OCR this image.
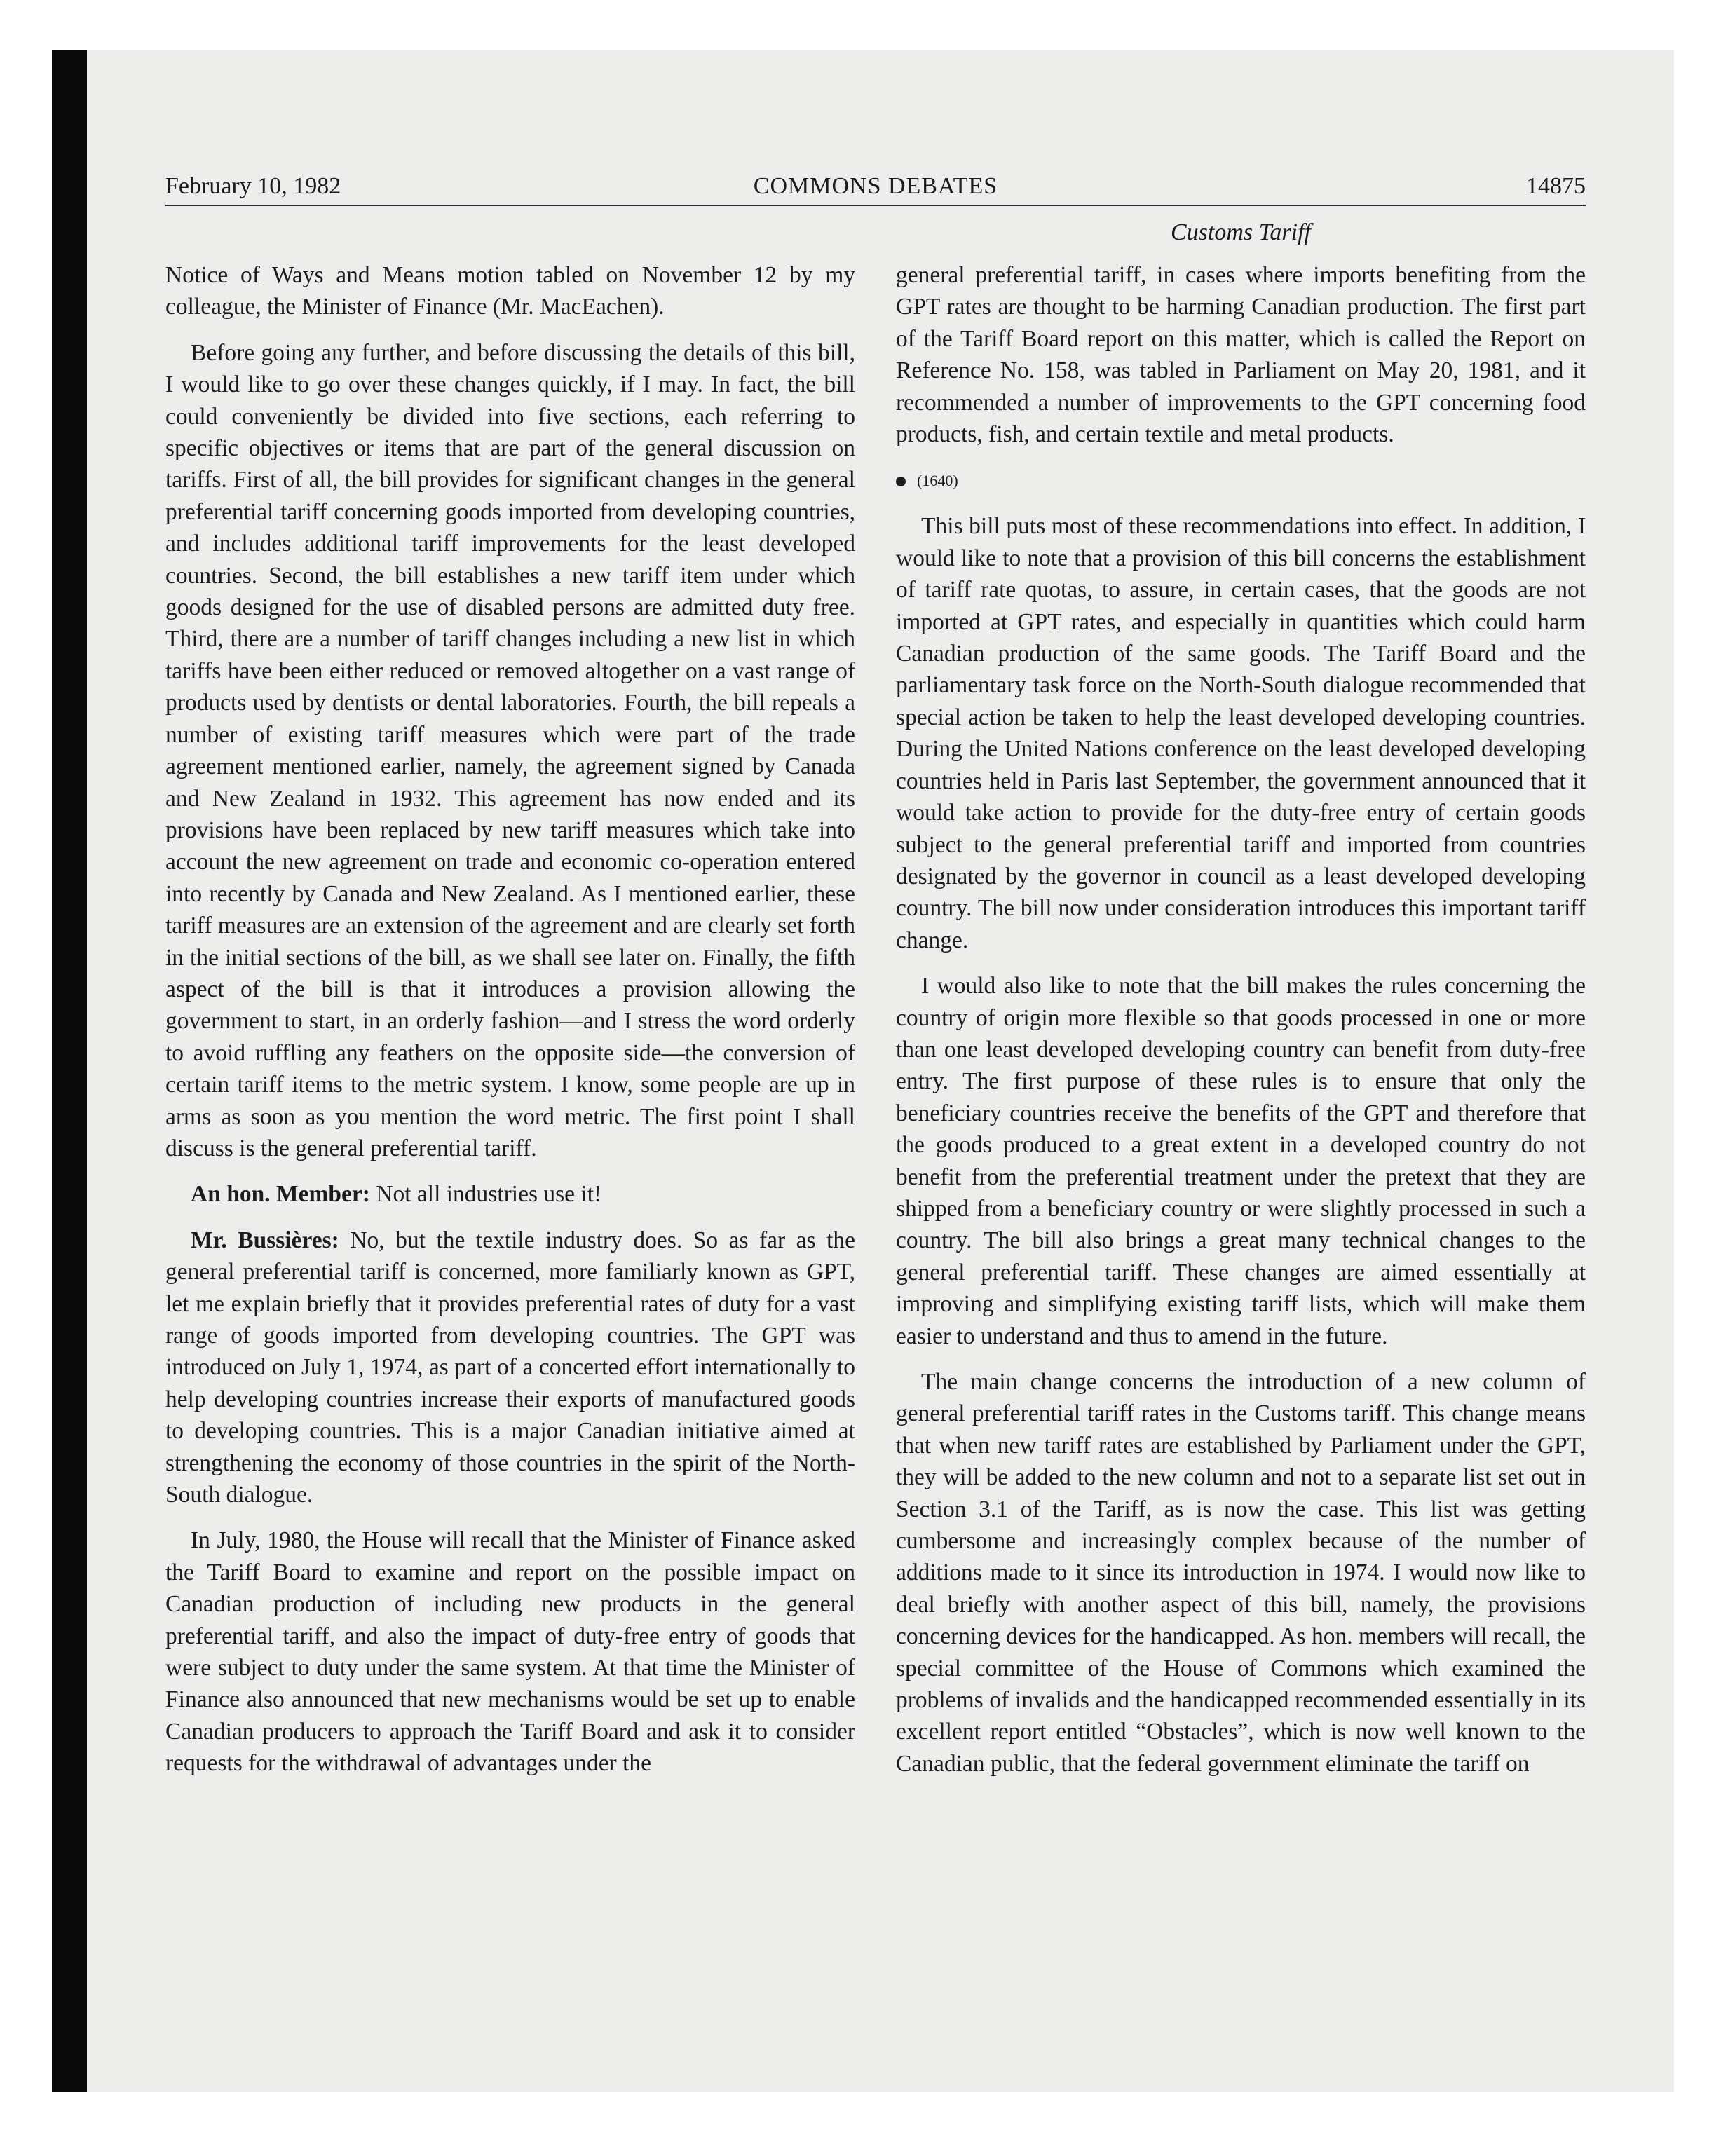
February 10, 1982	COMMONS DEBATES	14875
Customs Tariff

Notice of Ways and Means motion tabled on November 12 by my colleague, the Minister of Finance (Mr. MacEachen).

Before going any further, and before discussing the details of this bill, I would like to go over these changes quickly, if I may. In fact, the bill could conveniently be divided into five sections, each referring to specific objectives or items that are part of the general discussion on tariffs. First of all, the bill provides for significant changes in the general preferential tariff concerning goods imported from developing countries, and includes additional tariff improvements for the least developed countries. Second, the bill establishes a new tariff item under which goods designed for the use of disabled persons are admitted duty free. Third, there are a number of tariff changes including a new list in which tariffs have been either reduced or removed altogether on a vast range of products used by dentists or dental laboratories. Fourth, the bill repeals a number of existing tariff measures which were part of the trade agreement mentioned earlier, namely, the agreement signed by Canada and New Zealand in 1932. This agreement has now ended and its provisions have been replaced by new tariff measures which take into account the new agreement on trade and economic co-operation entered into recently by Canada and New Zealand. As I mentioned earlier, these tariff measures are an extension of the agreement and are clearly set forth in the initial sections of the bill, as we shall see later on. Finally, the fifth aspect of the bill is that it introduces a provision allowing the government to start, in an orderly fashion—and I stress the word orderly to avoid ruffling any feathers on the opposite side—the conversion of certain tariff items to the metric system. I know, some people are up in arms as soon as you mention the word metric. The first point I shall discuss is the general preferential tariff.

An hon. Member: Not all industries use it!

Mr. Bussières: No, but the textile industry does. So as far as the general preferential tariff is concerned, more familiarly known as GPT, let me explain briefly that it provides preferential rates of duty for a vast range of goods imported from developing countries. The GPT was introduced on July 1, 1974, as part of a concerted effort internationally to help developing countries increase their exports of manufactured goods to developing countries. This is a major Canadian initiative aimed at strengthening the economy of those countries in the spirit of the North-South dialogue.

In July, 1980, the House will recall that the Minister of Finance asked the Tariff Board to examine and report on the possible impact on Canadian production of including new products in the general preferential tariff, and also the impact of duty-free entry of goods that were subject to duty under the same system. At that time the Minister of Finance also announced that new mechanisms would be set up to enable Canadian producers to approach the Tariff Board and ask it to consider requests for the withdrawal of advantages under the

general preferential tariff, in cases where imports benefiting from the GPT rates are thought to be harming Canadian production. The first part of the Tariff Board report on this matter, which is called the Report on Reference No. 158, was tabled in Parliament on May 20, 1981, and it recommended a number of improvements to the GPT concerning food products, fish, and certain textile and metal products.

(1640)

This bill puts most of these recommendations into effect. In addition, I would like to note that a provision of this bill concerns the establishment of tariff rate quotas, to assure, in certain cases, that the goods are not imported at GPT rates, and especially in quantities which could harm Canadian production of the same goods. The Tariff Board and the parliamentary task force on the North-South dialogue recommended that special action be taken to help the least developed developing countries. During the United Nations conference on the least developed developing countries held in Paris last September, the government announced that it would take action to provide for the duty-free entry of certain goods subject to the general preferential tariff and imported from countries designated by the governor in council as a least developed developing country. The bill now under consideration introduces this important tariff change.

I would also like to note that the bill makes the rules concerning the country of origin more flexible so that goods processed in one or more than one least developed developing country can benefit from duty-free entry. The first purpose of these rules is to ensure that only the beneficiary countries receive the benefits of the GPT and therefore that the goods produced to a great extent in a developed country do not benefit from the preferential treatment under the pretext that they are shipped from a beneficiary country or were slightly processed in such a country. The bill also brings a great many technical changes to the general preferential tariff. These changes are aimed essentially at improving and simplifying existing tariff lists, which will make them easier to understand and thus to amend in the future.

The main change concerns the introduction of a new column of general preferential tariff rates in the Customs tariff. This change means that when new tariff rates are established by Parliament under the GPT, they will be added to the new column and not to a separate list set out in Section 3.1 of the Tariff, as is now the case. This list was getting cumbersome and increasingly complex because of the number of additions made to it since its introduction in 1974. I would now like to deal briefly with another aspect of this bill, namely, the provisions concerning devices for the handicapped. As hon. members will recall, the special committee of the House of Commons which examined the problems of invalids and the handicapped recommended essentially in its excellent report entitled “Obstacles”, which is now well known to the Canadian public, that the federal government eliminate the tariff on
